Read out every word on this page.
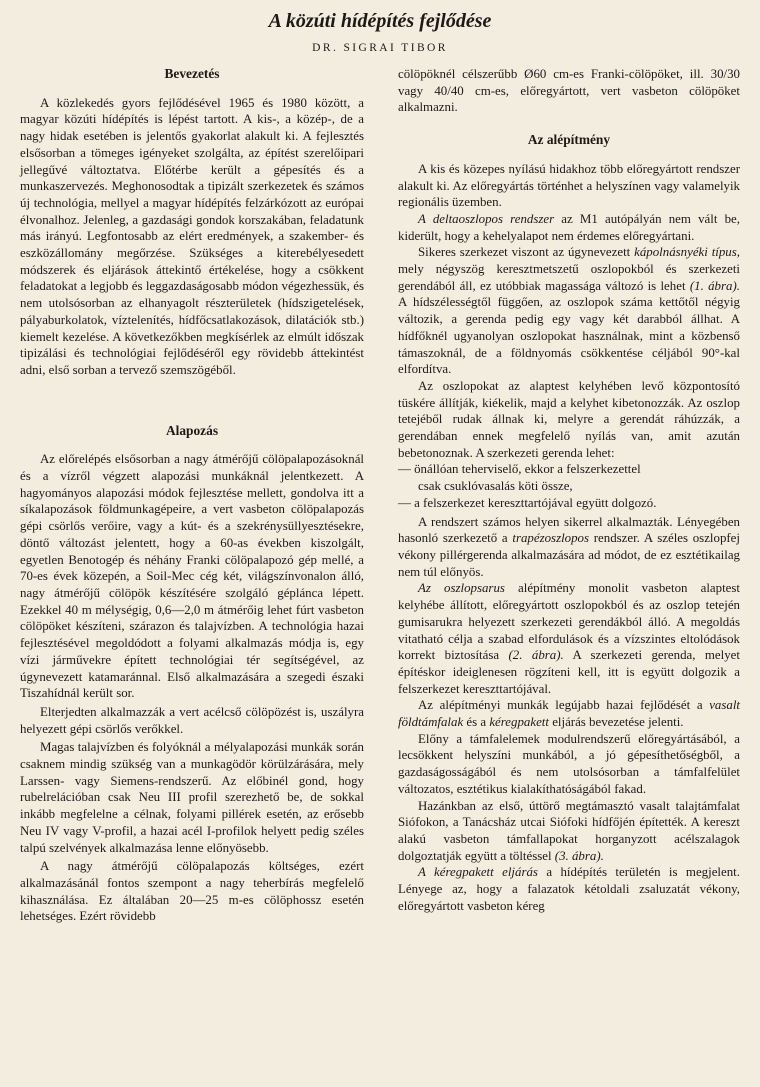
A közúti hídépítés fejlődése
DR. SIGRAI TIBOR
Bevezetés

A közlekedés gyors fejlődésével 1965 és 1980 között, a magyar közúti hídépítés is lépést tartott. A kis-, a közép-, de a nagy hidak esetében is jelentős gyakorlat alakult ki. A fejlesztés elsősorban a tömeges igényeket szolgálta, az építést szerelőipari jellegűvé változtatva. Előtérbe került a gépesítés és a munkaszervezés. Meghonosodtak a tipizált szerkezetek és számos új technológia, mellyel a magyar hídépítés felzárkózott az európai élvonalhoz. Jelenleg, a gazdasági gondok korszakában, feladatunk más irányú. Legfontosabb az elért eredmények, a szakember- és eszközállomány megőrzése. Szükséges a kiterebélyesedett módszerek és eljárások áttekintő értékelése, hogy a csökkent feladatokat a legjobb és leggazdaságosabb módon végezhessük, és nem utolsósorban az elhanyagolt részterületek (hídszigetelések, pályaburkolatok, víztelenítés, hídfőcsatlakozások, dilatációk stb.) kiemelt kezelése. A következőkben megkísérlek az elmúlt időszak tipizálási és technológiai fejlődéséről egy rövidebb áttekintést adni, első sorban a tervező szemszögéből.

Alapozás

Az előrelépés elsősorban a nagy átmérőjű cölöpalapozásoknál és a vízről végzett alapozási munkáknál jelentkezett. A hagyományos alapozási módok fejlesztése mellett, gondolva itt a síkalapozások földmunkagépeire, a vert vasbeton cölöpalapozás gépi csörlős verőire, vagy a kút- és a szekrénysüllyesztésekre, döntő változást jelentett, hogy a 60-as években kiszolgált, egyetlen Benotogép és néhány Franki cölöpalapozó gép mellé, a 70-es évek közepén, a Soil-Mec cég két, világszínvonalon álló, nagy átmérőjű cölöpök készítésére szolgáló géplánca lépett. Ezekkel 40 m mélységig, 0,6—2,0 m átmérőig lehet fúrt vasbeton cölöpöket készíteni, szárazon és talajvízben. A technológia hazai fejlesztésével megoldódott a folyami alkalmazás módja is, egy vízi járművekre épített technológiai tér segítségével, az úgynevezett katamaránnal. Első alkalmazására a szegedi északi Tiszahídnál került sor.

Elterjedten alkalmazzák a vert acélcső cölöpözést is, uszályra helyezett gépi csörlős verőkkel.

Magas talajvízben és folyóknál a mélyalapozási munkák során csaknem mindig szükség van a munkagödör körülzárására, mely Larssen- vagy Siemens-rendszerű. Az előbinél gond, hogy rubelrelációban csak Neu III profil szerezhető be, de sokkal inkább megfelelne a célnak, folyami pillérek esetén, az erősebb Neu IV vagy V-profil, a hazai acél I-profilok helyett pedig széles talpú szelvények alkalmazása lenne előnyösebb.

A nagy átmérőjű cölöpalapozás költséges, ezért alkalmazásánál fontos szempont a nagy teherbírás megfelelő kihasználása. Ez általában 20—25 m-es cölöphossz esetén lehetséges. Ezért rövidebb

cölöpöknél célszerűbb Ø60 cm-es Franki-cölöpöket, ill. 30/30 vagy 40/40 cm-es, előregyártott, vert vasbeton cölöpöket alkalmazni.

Az alépítmény

A kis és közepes nyílású hidakhoz több előregyártott rendszer alakult ki. Az előregyártás történhet a helyszínen vagy valamelyik regionális üzemben.

A deltaoszlopos rendszer az M1 autópályán nem vált be, kiderült, hogy a kehelyalapot nem érdemes előregyártani.

Sikeres szerkezet viszont az úgynevezett kápolnásnyéki típus, mely négyszög keresztmetszetű oszlopokból és szerkezeti gerendából áll, ez utóbbiak magassága változó is lehet (1. ábra). A hídszélességtől függően, az oszlopok száma kettőtől négyig változik, a gerenda pedig egy vagy két darabból állhat. A hídfőknél ugyanolyan oszlopokat használnak, mint a közbenső támaszoknál, de a földnyomás csökkentése céljából 90°-kal elfordítva.

Az oszlopokat az alaptest kelyhében levő központosító tüskére állítják, kiékelik, majd a kelyhet kibetonozzák. Az oszlop tetejéből rudak állnak ki, melyre a gerendát ráhúzzák, a gerendában ennek megfelelő nyílás van, amit azután bebetonoznak. A szerkezeti gerenda lehet:

— önállóan teherviselő, ekkor a felszerkezettel
csak csuklóvasalás köti össze,

— a felszerkezet kereszttartójával együtt dolgozó.

A rendszert számos helyen sikerrel alkalmazták. Lényegében hasonló szerkezető a trapézoszlopos rendszer. A széles oszlopfej vékony pillérgerenda alkalmazására ad módot, de ez esztétikailag nem túl előnyös.

Az oszlopsarus alépítmény monolit vasbeton alaptest kelyhébe állított, előregyártott oszlopokból és az oszlop tetején gumisarukra helyezett szerkezeti gerendákból álló. A megoldás vitatható célja a szabad elfordulások és a vízszintes eltolódások korrekt biztosítása (2. ábra). A szerkezeti gerenda, melyet építéskor ideiglenesen rögzíteni kell, itt is együtt dolgozik a felszerkezet kereszttartójával.

Az alépítményi munkák legújabb hazai fejlődését a vasalt földtámfalak és a kéregpakett eljárás bevezetése jelenti.

Előny a támfalelemek modulrendszerű előregyártásából, a lecsökkent helyszíni munkából, a jó gépesíthetőségből, a gazdaságosságából és nem utolsósorban a támfalfelület változatos, esztétikus kialakíthatóságából fakad.

Hazánkban az első, úttörő megtámasztó vasalt talajtámfalat Siófokon, a Tanácsház utcai Siófoki hídfőjén építették. A kereszt alakú vasbeton támfallapokat horganyzott acélszalagok dolgoztatják együtt a töltéssel (3. ábra).

A kéregpakett eljárás a hídépítés területén is megjelent. Lényege az, hogy a falazatok kétoldali zsaluzatát vékony, előregyártott vasbeton kéreg
